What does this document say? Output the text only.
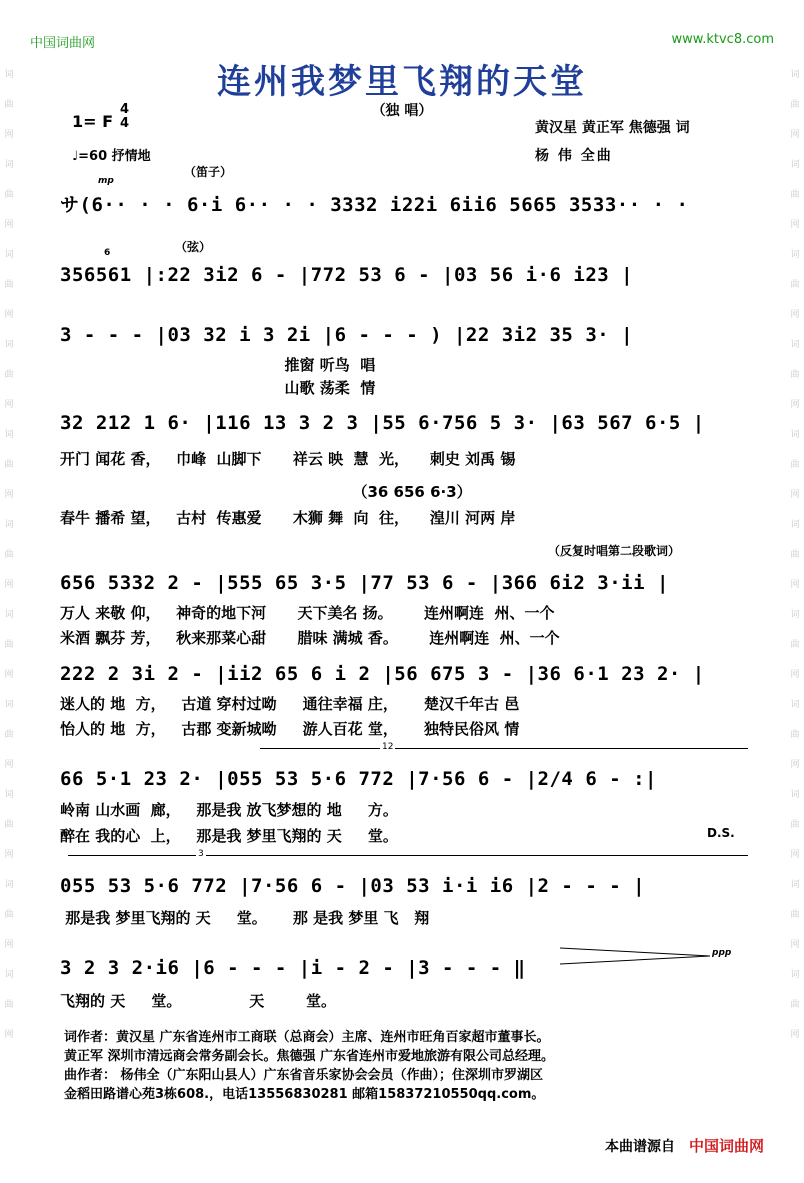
中国词曲网	www.ktvc8.com
词曲网词曲网词曲网词曲网词曲网词曲网词曲网词曲网词曲网词曲网词曲网
词曲网词曲网词曲网词曲网词曲网词曲网词曲网词曲网词曲网词曲网词曲网
连州我梦里飞翔的天堂
（独 唱）
1= F
4
4
♩=60 抒情地
黄汉星 黄正军 焦德强 词
杨 伟 全曲
（笛子）
mp
（弦）
6
（反复时唱第二段歌词）
D.S.
ppp
12
3
サ(6·· · · 6·i 6·· · · 3332 i22i 6ii6 5665 3533·· · ·
356561 |:22 3i2 6 - |772 53 6 - |03 56 i·6 i23 |
3 - - - |03 32 i 3 2i |6 - - - ) |22 3i2 35 3· |
推窗 听鸟  唱
山歌 荡柔  情
32 212 1 6· |116 13 3 2 3 |55 6·756 5 3· |63 567 6·5 |
开门 闻花 香，   巾峰  山脚下      祥云 映  慧  光，    刺史 刘禹 锡
（36 656 6·3）
春牛 播希 望，   古村  传惠爱      木狮 舞  向  往，    湟川 河两 岸
656 5332 2 - |555 65 3·5 |77 53 6 - |366 6i2 3·ii |
万人 来敬 仰，   神奇的地下河      天下美名 扬。      连州啊连  州、一个
米酒 飘芬 芳，   秋来那菜心甜      腊味 满城 香。      连州啊连  州、一个
222 2 3i 2 - |ii2 65 6 i 2 |56 675 3 - |36 6·1 23 2· |
迷人的 地  方，   古道 穿村过呦     通往幸福 庄，     楚汉千年古 邑
怡人的 地  方，   古郡 变新城呦     游人百花 堂，     独特民俗风 情
66 5·1 23 2· |055 53 5·6 772 |7·56 6 - |2/4 6 - :|
岭南 山水画  廊，   那是我 放飞梦想的 地     方。
醉在 我的心  上，   那是我 梦里飞翔的 天     堂。
055 53 5·6 772 |7·56 6 - |03 53 i·i i6 |2 - - - |
那是我 梦里飞翔的 天     堂。     那 是我 梦里 飞   翔
3 2 3 2·i6 |6 - - - |i - 2 - |3 - - - ‖
飞翔的 天     堂。             天        堂。
词作者：黄汉星 广东省连州市工商联（总商会）主席、连州市旺角百家超市董事长。
黄正军 深圳市清远商会常务副会长。焦德强 广东省连州市爱地旅游有限公司总经理。
曲作者： 杨伟全（广东阳山县人）广东省音乐家协会会员（作曲）；住深圳市罗湖区
金稻田路谱心苑3栋608.，电话13556830281 邮箱15837210550qq.com。
本曲谱源自 中国词曲网
